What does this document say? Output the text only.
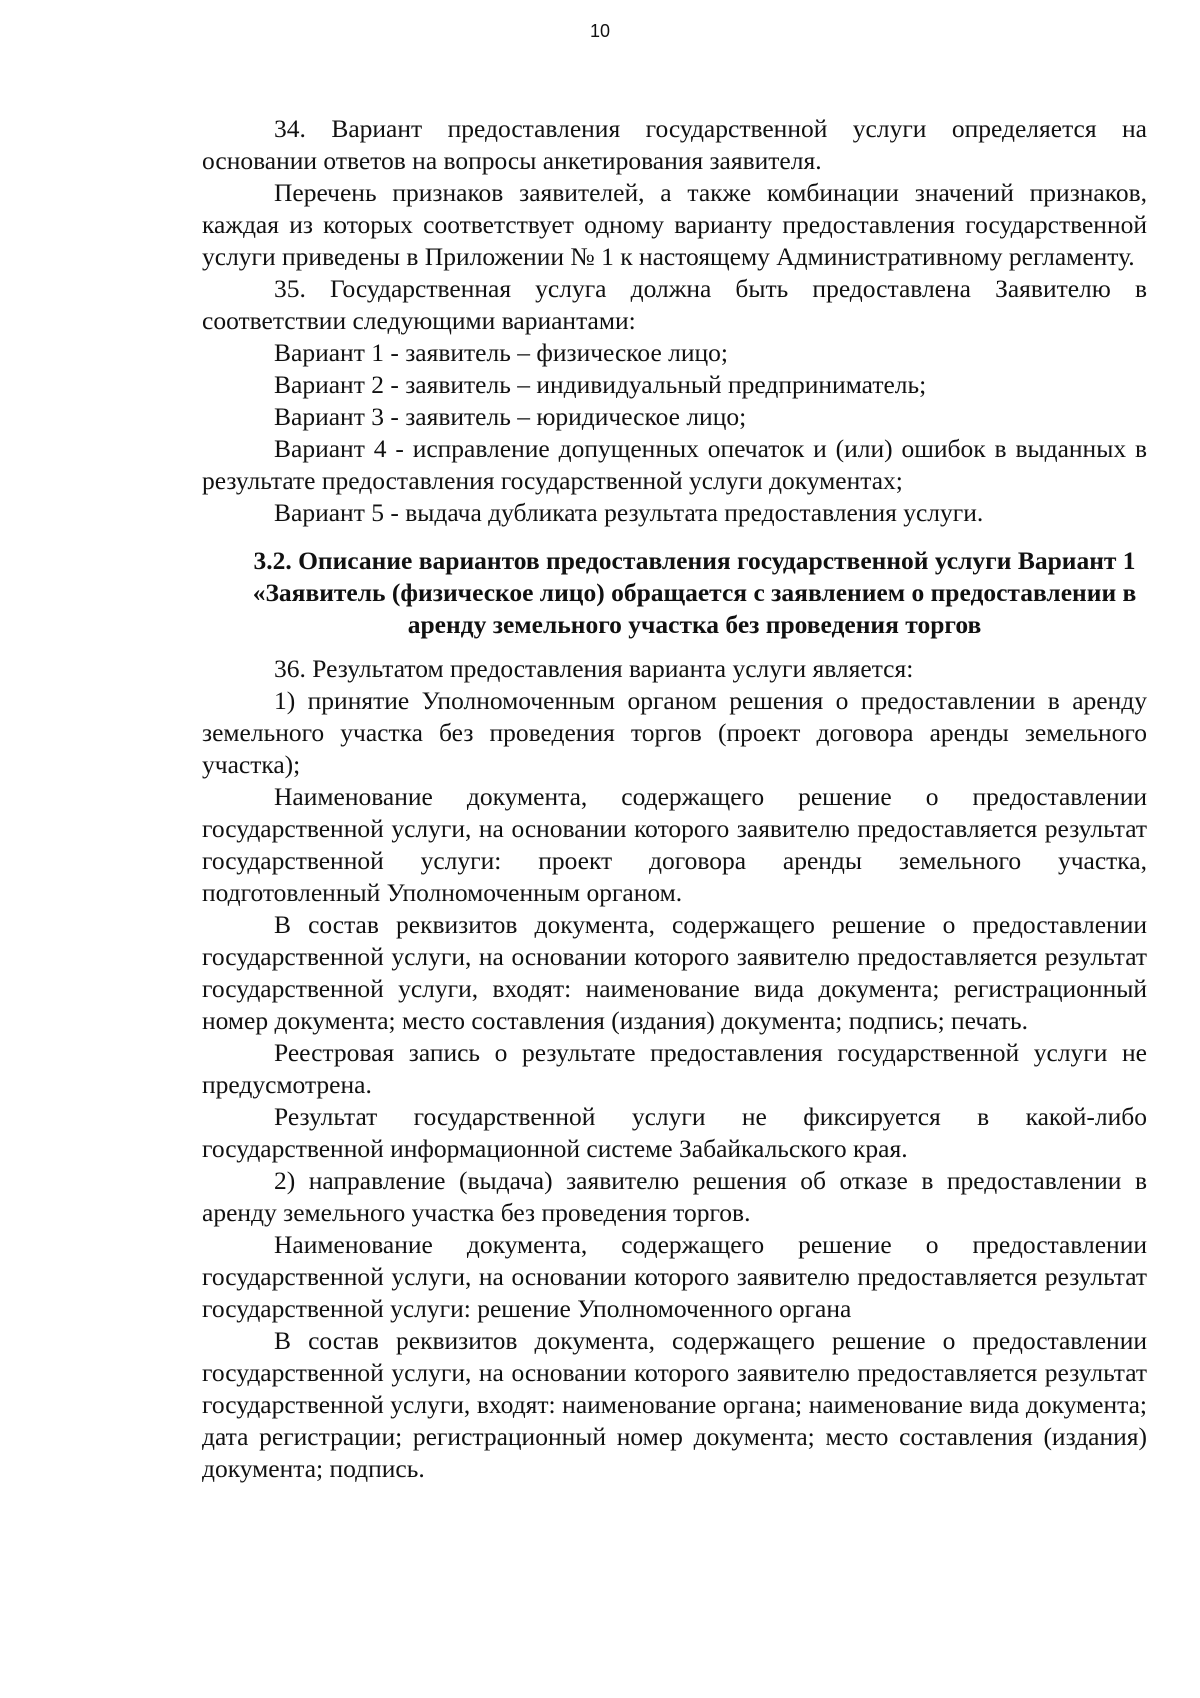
10

34. Вариант предоставления государственной услуги определяется на основании ответов на вопросы анкетирования заявителя.

Перечень признаков заявителей, а также комбинации значений признаков, каждая из которых соответствует одному варианту предоставления государственной услуги приведены в Приложении № 1 к настоящему Административному регламенту.

35. Государственная услуга должна быть предоставлена Заявителю в соответствии следующими вариантами:

Вариант 1 - заявитель – физическое лицо;

Вариант 2 - заявитель – индивидуальный предприниматель;

Вариант 3 - заявитель – юридическое лицо;

Вариант 4 - исправление допущенных опечаток и (или) ошибок в выданных в результате предоставления государственной услуги документах;

Вариант 5 - выдача дубликата результата предоставления услуги.

3.2. Описание вариантов предоставления государственной услуги Вариант 1 «Заявитель (физическое лицо) обращается с заявлением о предоставлении в аренду земельного участка без проведения торгов

36. Результатом предоставления варианта услуги является:

1) принятие Уполномоченным органом решения о предоставлении в аренду земельного участка без проведения торгов (проект договора аренды земельного участка);

Наименование документа, содержащего решение о предоставлении государственной услуги, на основании которого заявителю предоставляется результат государственной услуги: проект договора аренды земельного участка, подготовленный Уполномоченным органом.

В состав реквизитов документа, содержащего решение о предоставлении государственной услуги, на основании которого заявителю предоставляется результат государственной услуги, входят: наименование вида документа; регистрационный номер документа; место составления (издания) документа; подпись; печать.

Реестровая запись о результате предоставления государственной услуги не предусмотрена.

Результат государственной услуги не фиксируется в какой-либо государственной информационной системе Забайкальского края.

2) направление (выдача) заявителю решения об отказе в предоставлении в аренду земельного участка без проведения торгов.

Наименование документа, содержащего решение о предоставлении государственной услуги, на основании которого заявителю предоставляется результат государственной услуги: решение Уполномоченного органа

В состав реквизитов документа, содержащего решение о предоставлении государственной услуги, на основании которого заявителю предоставляется результат государственной услуги, входят: наименование органа; наименование вида документа; дата регистрации; регистрационный номер документа; место составления (издания) документа; подпись.
